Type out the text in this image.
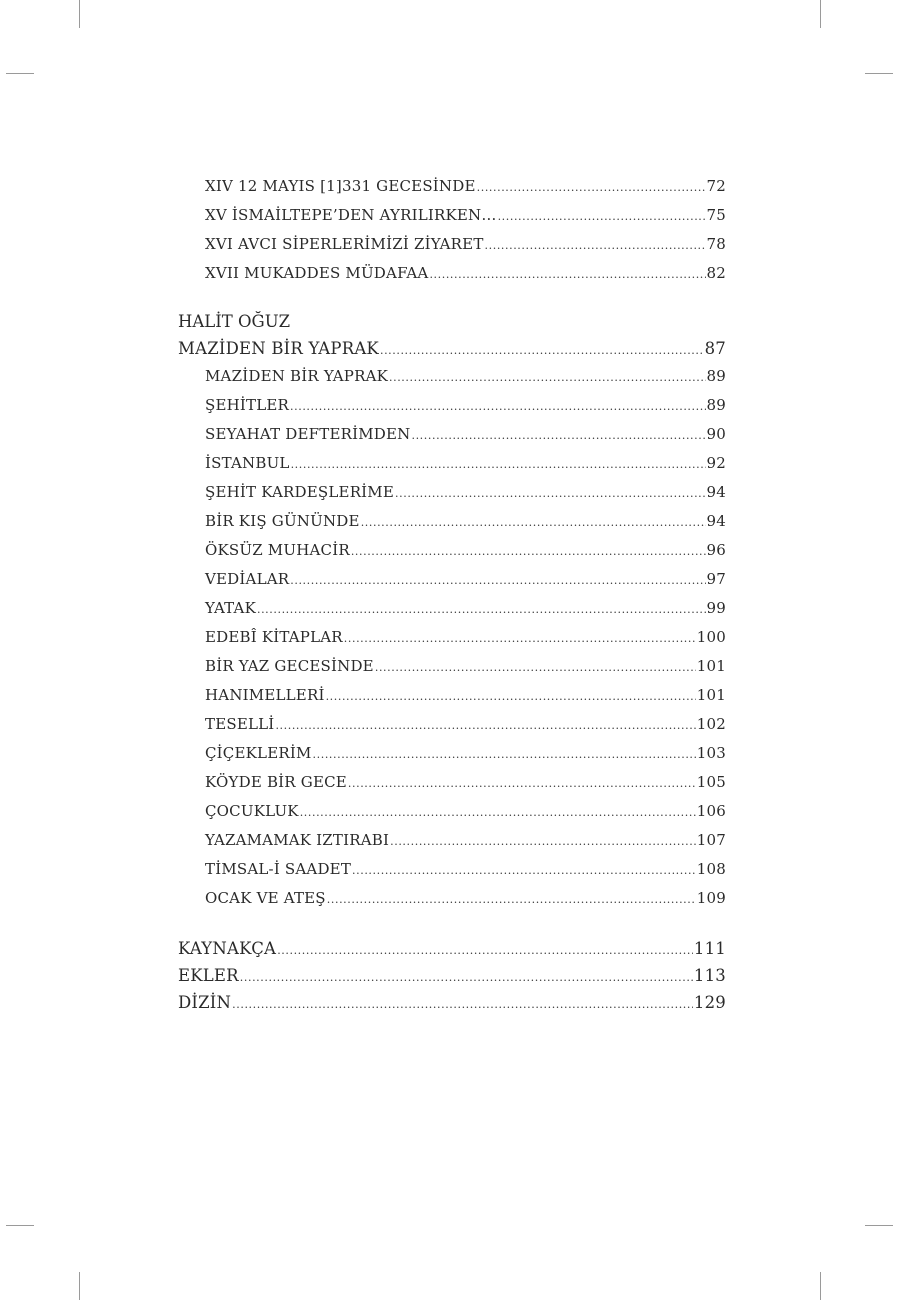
XIV 12 MAYIS [1]331 GECESİNDE .....	72
XV İSMAİLTEPE’DEN AYRILIRKEN… .....	75
XVI AVCI SİPERLERİMİZİ ZİYARET .....	78
XVII MUKADDES MÜDAFAA .....	82
HALİT OĞUZ
MAZİDEN BİR YAPRAK .....	87
MAZİDEN BİR YAPRAK .....	89
ŞEHİTLER .....	89
SEYAHAT DEFTERİMDEN .....	90
İSTANBUL .....	92
ŞEHİT KARDEŞLERİME .....	94
BİR KIŞ GÜNÜNDE .....	94
ÖKSÜZ MUHACİR .....	96
VEDİALAR .....	97
YATAK .....	99
EDEBÎ KİTAPLAR .....	100
BİR YAZ GECESİNDE .....	101
HANIMELLERİ .....	101
TESELLİ .....	102
ÇİÇEKLERİM .....	103
KÖYDE BİR GECE .....	105
ÇOCUKLUK .....	106
YAZAMAMAK IZTIRABI .....	107
TİMSAL-İ SAADET .....	108
OCAK VE ATEŞ .....	109
KAYNAKÇA .....	111
EKLER .....	113
DİZİN .....	129
